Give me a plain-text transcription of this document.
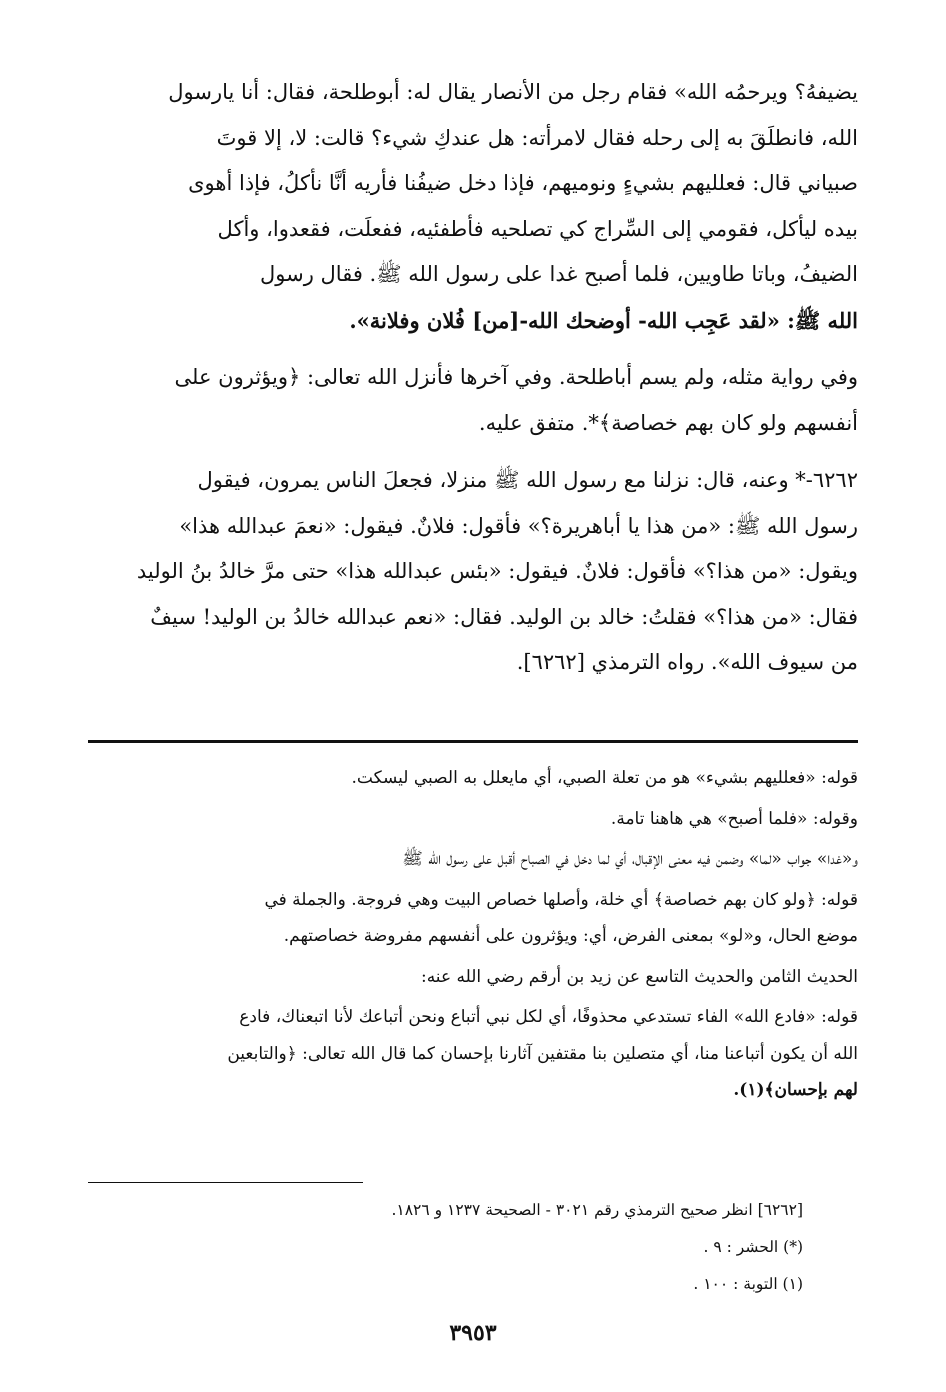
يضيفهُ؟ ويرحمُه الله» فقام رجل من الأنصار يقال له: أبوطلحة، فقال: أنا يارسول
الله، فانطلَقَ به إلى رحله فقال لامرأته: هل عندكِ شيء؟ قالت: لا، إلا قوتَ
صبياني قال: فعلليهم بشيءٍ ونوميهم، فإذا دخل ضيفُنا فأريه أنَّا نأكلُ، فإذا أهوى
بيده ليأكل، فقومي إلى السِّراج كي تصلحيه فأطفئيه، ففعلَت، فقعدوا، وأكل
الضيفُ، وباتا طاويين، فلما أصبح غدا على رسول الله ﷺ. فقال رسول
الله ﷺ: «لقد عَجِب الله- أوضحك الله-[من] فُلان وفلانة».

وفي رواية مثله، ولم يسم أباطلحة. وفي آخرها فأنزل الله تعالى: ﴿ويؤثرون على
أنفسهم ولو كان بهم خصاصة﴾*. متفق عليه.

٦٢٦٢-* وعنه، قال: نزلنا مع رسول الله ﷺ منزلا، فجعلَ الناس يمرون، فيقول
رسول الله ﷺ: «من هذا يا أباهريرة؟» فأقول: فلانٌ. فيقول: «نعمَ عبدالله هذا»
ويقول: «من هذا؟» فأقول: فلانٌ. فيقول: «بئس عبدالله هذا» حتى مرَّ خالدُ بنُ الوليد
فقال: «من هذا؟» فقلتُ: خالد بن الوليد. فقال: «نعم عبدالله خالدُ بن الوليد! سيفٌ
من سيوف الله». رواه الترمذي [٦٢٦٢].

قوله: «فعلليهم بشيء» هو من تعلة الصبي، أي مايعلل به الصبي ليسكت.

وقوله: «فلما أصبح» هي هاهنا تامة.

و«غدا» جواب «لما» وضمن فيه معنى الإقبال، أي لما دخل في الصباح أقبل على رسول الله ﷺ

قوله: ﴿ولو كان بهم خصاصة﴾ أي خلة، وأصلها خصاص البيت وهي فروجة. والجملة في
موضع الحال، و«لو» بمعنى الفرض، أي: ويؤثرون على أنفسهم مفروضة خصاصتهم.

الحديث الثامن والحديث التاسع عن زيد بن أرقم رضي الله عنه:

قوله: «فادع الله» الفاء تستدعي محذوفًا، أي لكل نبي أتباع ونحن أتباعك لأنا اتبعناك، فادع
الله أن يكون أتباعنا منا، أي متصلين بنا مقتفين آثارنا بإحسان كما قال الله تعالى: ﴿والتابعين
لهم بإحسان﴾(١).

[٦٢٦٢] انظر صحيح الترمذي رقم ٣٠٢١ - الصحيحة ١٢٣٧ و ١٨٢٦.

(*) الحشر : ٩ .

(١) التوبة : ١٠٠ .

٣٩٥٣
